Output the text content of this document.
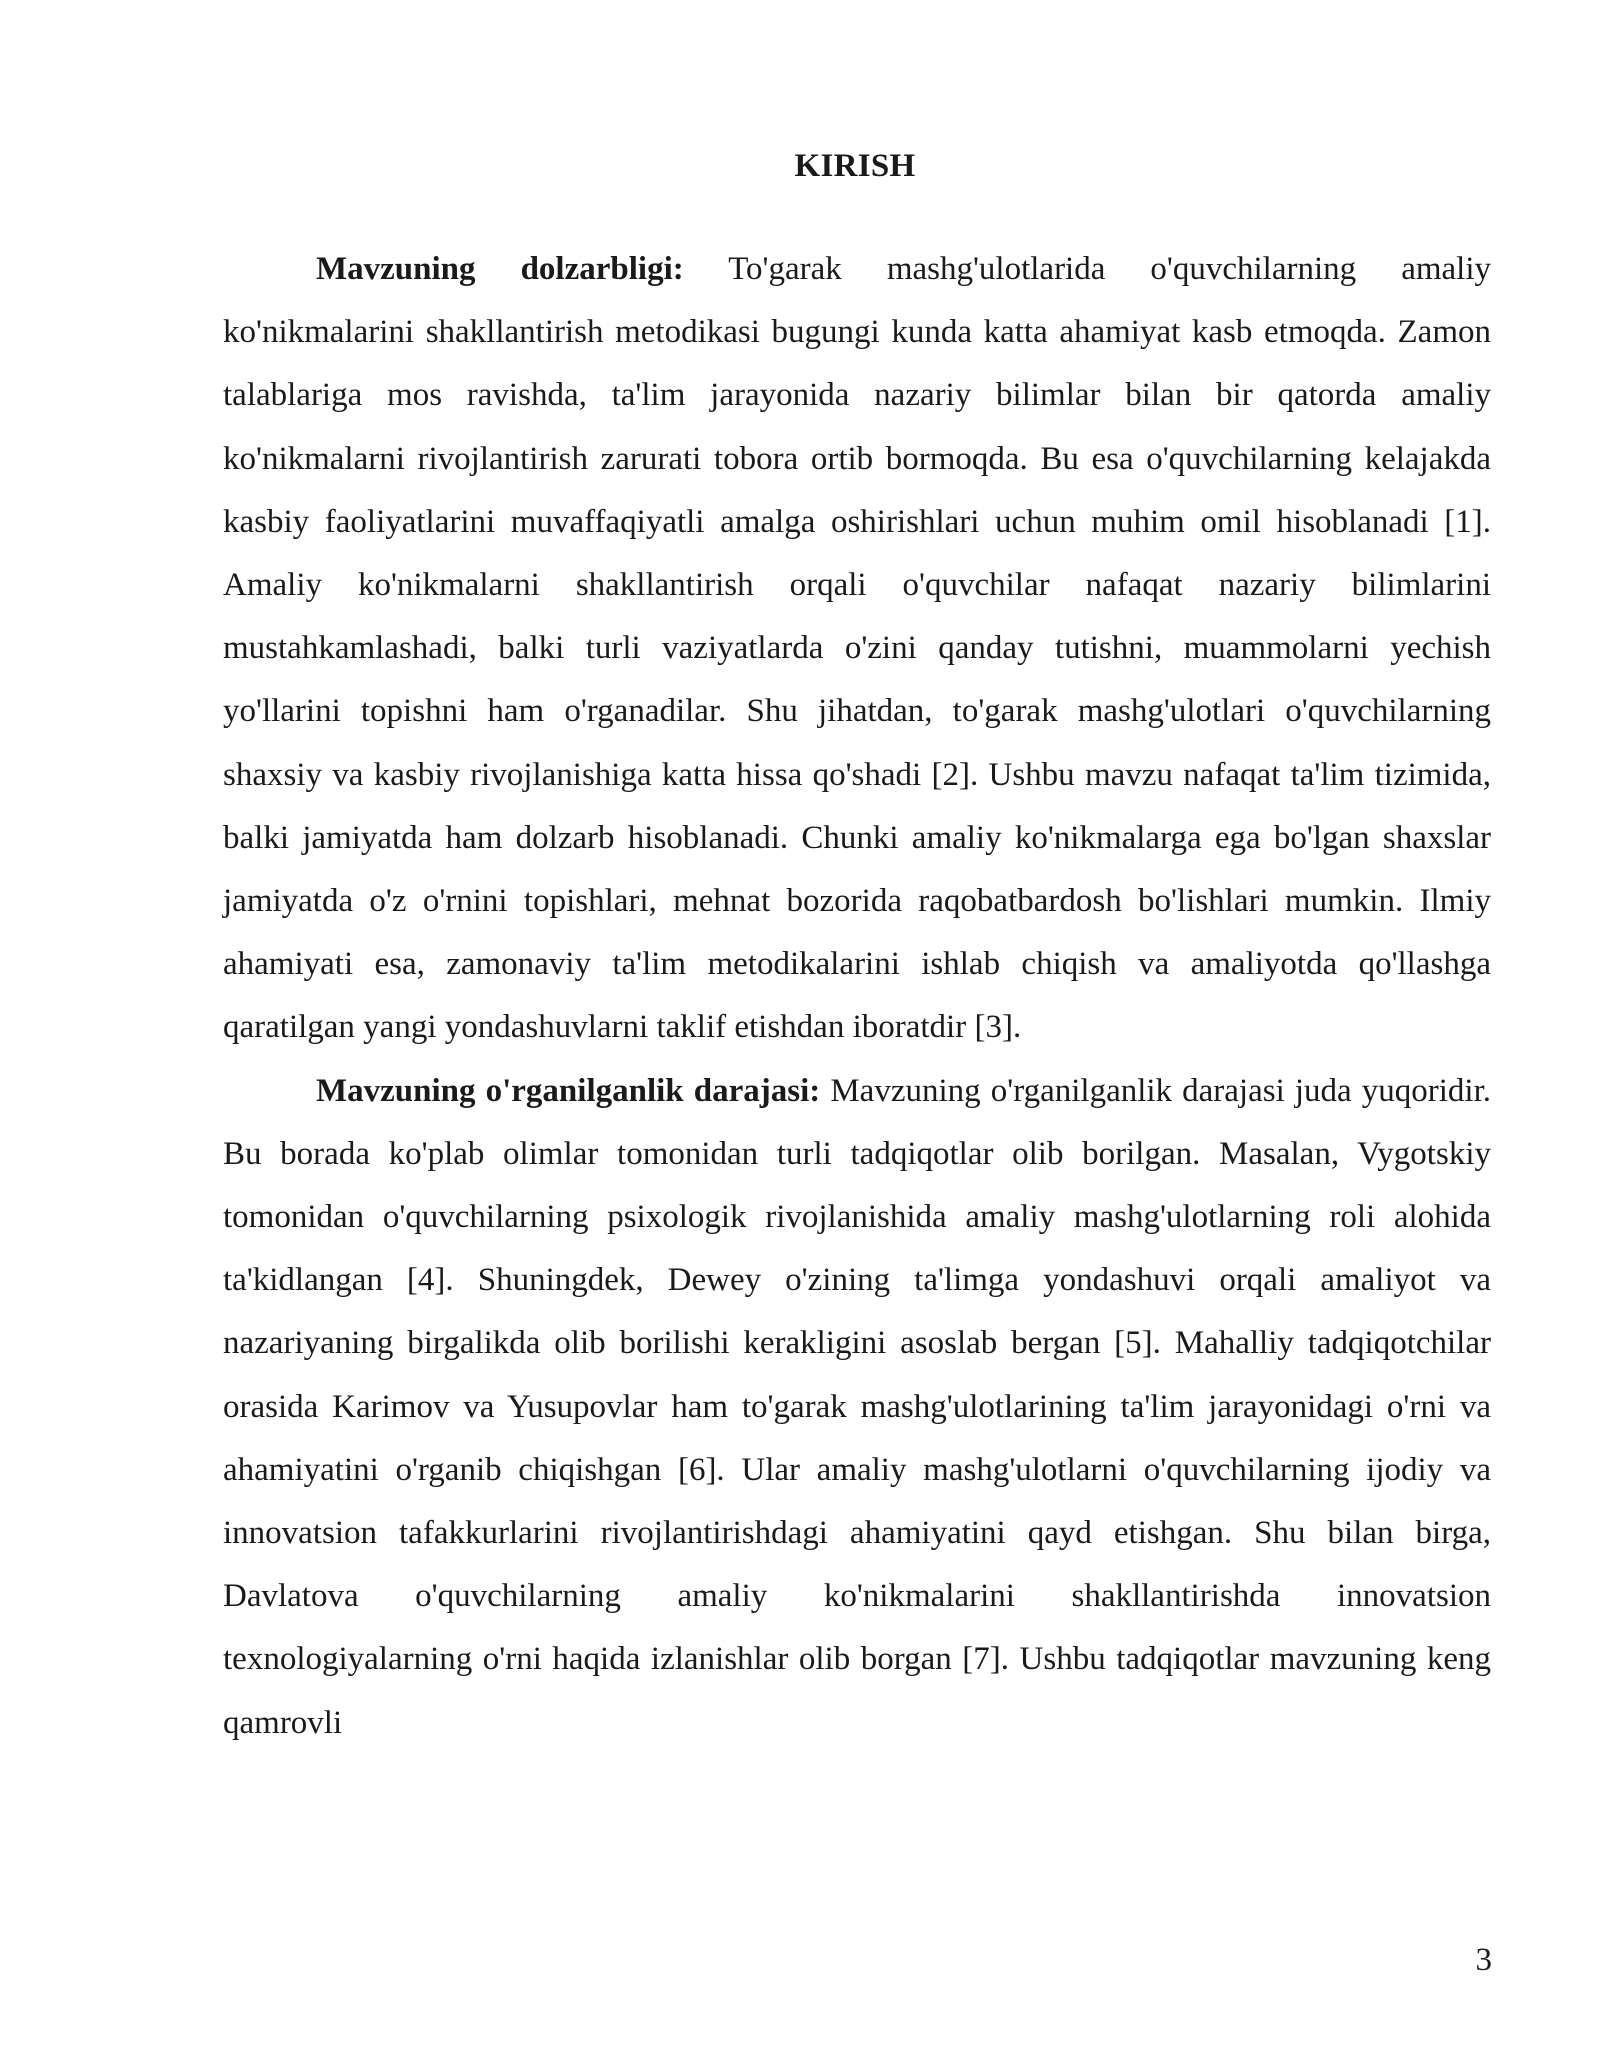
KIRISH

Mavzuning dolzarbligi: To'garak mashg'ulotlarida o'quvchilarning amaliy ko'nikmalarini shakllantirish metodikasi bugungi kunda katta ahamiyat kasb etmoqda. Zamon talablariga mos ravishda, ta'lim jarayonida nazariy bilimlar bilan bir qatorda amaliy ko'nikmalarni rivojlantirish zarurati tobora ortib bormoqda. Bu esa o'quvchilarning kelajakda kasbiy faoliyatlarini muvaffaqiyatli amalga oshirishlari uchun muhim omil hisoblanadi [1]. Amaliy ko'nikmalarni shakllantirish orqali o'quvchilar nafaqat nazariy bilimlarini mustahkamlashadi, balki turli vaziyatlarda o'zini qanday tutishni, muammolarni yechish yo'llarini topishni ham o'rganadilar. Shu jihatdan, to'garak mashg'ulotlari o'quvchilarning shaxsiy va kasbiy rivojlanishiga katta hissa qo'shadi [2]. Ushbu mavzu nafaqat ta'lim tizimida, balki jamiyatda ham dolzarb hisoblanadi. Chunki amaliy ko'nikmalarga ega bo'lgan shaxslar jamiyatda o'z o'rnini topishlari, mehnat bozorida raqobatbardosh bo'lishlari mumkin. Ilmiy ahamiyati esa, zamonaviy ta'lim metodikalarini ishlab chiqish va amaliyotda qo'llashga qaratilgan yangi yondashuvlarni taklif etishdan iboratdir [3].

Mavzuning o'rganilganlik darajasi: Mavzuning o'rganilganlik darajasi juda yuqoridir. Bu borada ko'plab olimlar tomonidan turli tadqiqotlar olib borilgan. Masalan, Vygotskiy tomonidan o'quvchilarning psixologik rivojlanishida amaliy mashg'ulotlarning roli alohida ta'kidlangan [4]. Shuningdek, Dewey o'zining ta'limga yondashuvi orqali amaliyot va nazariyaning birgalikda olib borilishi kerakligini asoslab bergan [5]. Mahalliy tadqiqotchilar orasida Karimov va Yusupovlar ham to'garak mashg'ulotlarining ta'lim jarayonidagi o'rni va ahamiyatini o'rganib chiqishgan [6]. Ular amaliy mashg'ulotlarni o'quvchilarning ijodiy va innovatsion tafakkurlarini rivojlantirishdagi ahamiyatini qayd etishgan. Shu bilan birga, Davlatova o'quvchilarning amaliy ko'nikmalarini shakllantirishda innovatsion texnologiyalarning o'rni haqida izlanishlar olib borgan [7]. Ushbu tadqiqotlar mavzuning keng qamrovli

3
